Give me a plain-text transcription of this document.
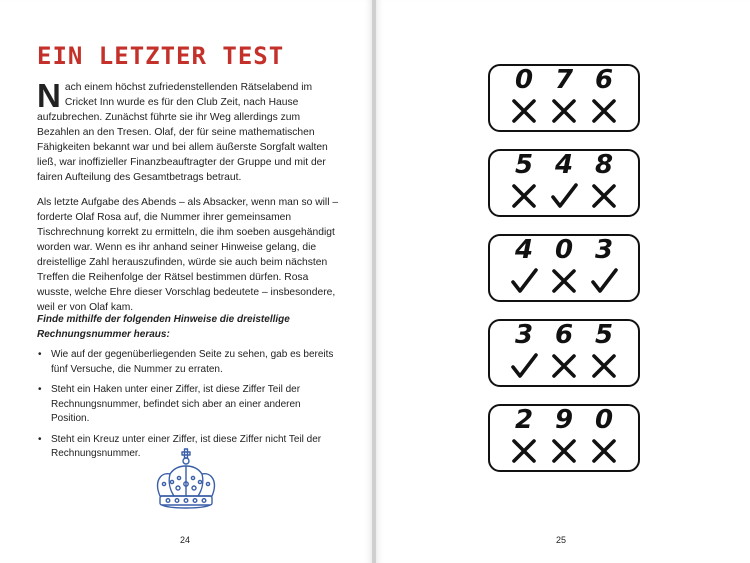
EIN LETZTER TEST

Nach einem höchst zufriedenstellenden Rätselabend im Cricket Inn wurde es für den Club Zeit, nach Hause aufzubrechen. Zunächst führte sie ihr Weg allerdings zum Bezahlen an den Tresen. Olaf, der für seine mathematischen Fähigkeiten bekannt war und bei allem äußerste Sorgfalt walten ließ, war inoffizieller Finanzbeauftragter der Gruppe und mit der fairen Aufteilung des Gesamtbetrags betraut.

Als letzte Aufgabe des Abends – als Absacker, wenn man so will – forderte Olaf Rosa auf, die Nummer ihrer gemeinsamen Tischrechnung korrekt zu ermitteln, die ihm soeben ausgehändigt worden war. Wenn es ihr anhand seiner Hinweise gelang, die dreistellige Zahl herauszufinden, würde sie auch beim nächsten Treffen die Reihenfolge der Rätsel bestimmen dürfen. Rosa wusste, welche Ehre dieser Vorschlag bedeutete – insbesondere, weil er von Olaf kam.

Finde mithilfe der folgenden Hinweise die dreistellige Rechnungsnummer heraus:
• Wie auf der gegenüberliegenden Seite zu sehen, gab es bereits fünf Versuche, die Nummer zu erraten.
• Steht ein Haken unter einer Ziffer, ist diese Ziffer Teil der Rechnungsnummer, befindet sich aber an einer anderen Position.
• Steht ein Kreuz unter einer Ziffer, ist diese Ziffer nicht Teil der Rechnungsnummer.
24
0 7 6
5 4 8
4 0 3
3 6 5
2 9 0
25
